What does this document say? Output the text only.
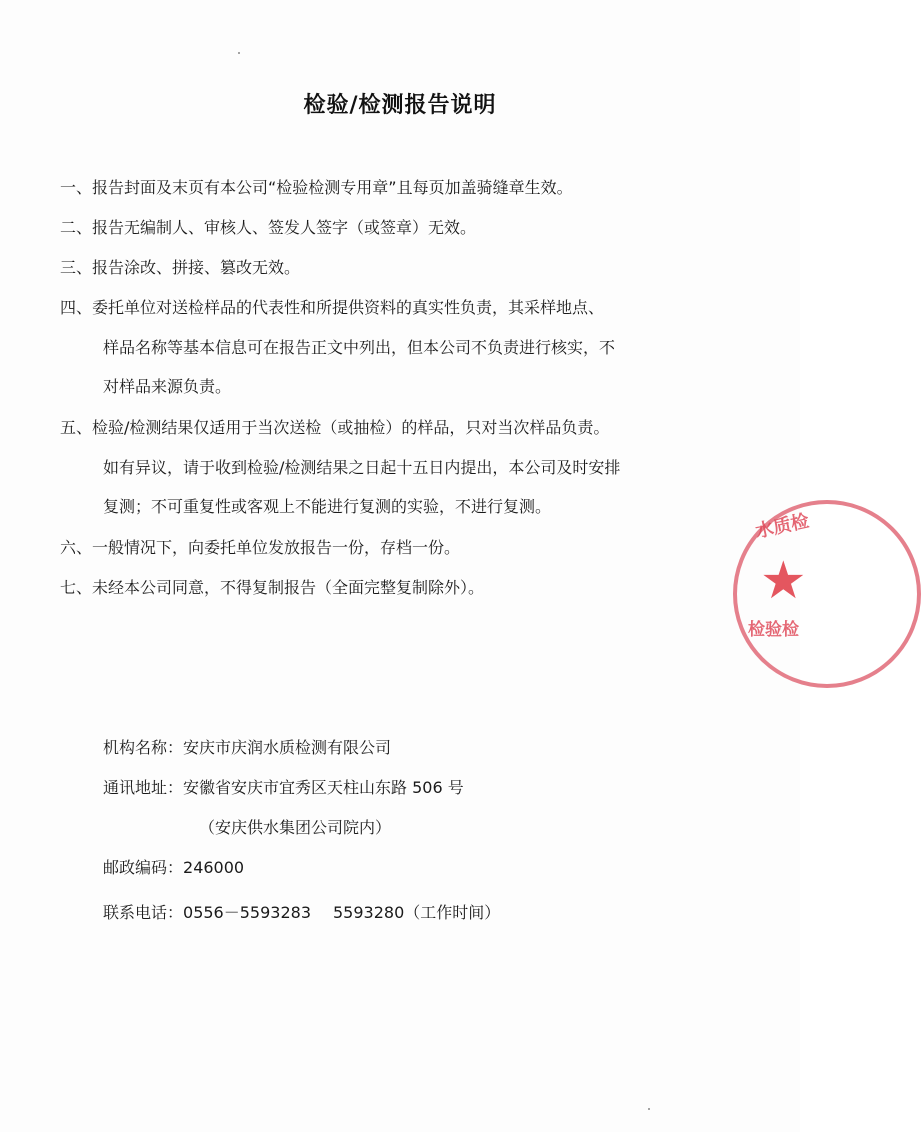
检验/检测报告说明
一、报告封面及末页有本公司“检验检测专用章”且每页加盖骑缝章生效。
二、报告无编制人、审核人、签发人签字（或签章）无效。
三、报告涂改、拼接、篡改无效。
四、委托单位对送检样品的代表性和所提供资料的真实性负责，其采样地点、
样品名称等基本信息可在报告正文中列出，但本公司不负责进行核实，不
对样品来源负责。
五、检验/检测结果仅适用于当次送检（或抽检）的样品，只对当次样品负责。
如有异议，请于收到检验/检测结果之日起十五日内提出，本公司及时安排
复测；不可重复性或客观上不能进行复测的实验，不进行复测。
六、一般情况下，向委托单位发放报告一份，存档一份。
七、未经本公司同意，不得复制报告（全面完整复制除外）。
机构名称：安庆市庆润水质检测有限公司
通讯地址：安徽省安庆市宜秀区天柱山东路 506 号
（安庆供水集团公司院内）
邮政编码：246000
联系电话：0556－5593283 5593280（工作时间）
水质检
★
检验检
